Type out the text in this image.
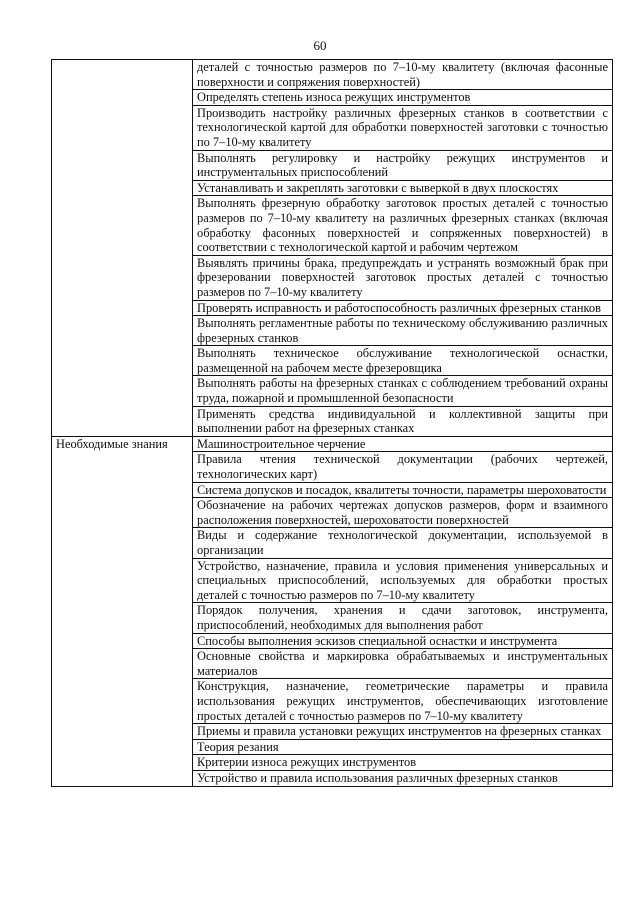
60
	деталей с точностью размеров по 7–10-му квалитету (включая фасонные поверхности и сопряжения поверхностей)
	Определять степень износа режущих инструментов
	Производить настройку различных фрезерных станков в соответствии с технологической картой для обработки поверхностей заготовки с точностью по 7–10-му квалитету
	Выполнять регулировку и настройку режущих инструментов и инструментальных приспособлений
	Устанавливать и закреплять заготовки с выверкой в двух плоскостях
	Выполнять фрезерную обработку заготовок простых деталей с точностью размеров по 7–10-му квалитету на различных фрезерных станках (включая обработку фасонных поверхностей и сопряженных поверхностей) в соответствии с технологической картой и рабочим чертежом
	Выявлять причины брака, предупреждать и устранять возможный брак при фрезеровании поверхностей заготовок простых деталей с точностью размеров по 7–10-му квалитету
	Проверять исправность и работоспособность различных фрезерных станков
	Выполнять регламентные работы по техническому обслуживанию различных фрезерных станков
	Выполнять техническое обслуживание технологической оснастки, размещенной на рабочем месте фрезеровщика
	Выполнять работы на фрезерных станках с соблюдением требований охраны труда, пожарной и промышленной безопасности
	Применять средства индивидуальной и коллективной защиты при выполнении работ на фрезерных станках
Необходимые знания	Машиностроительное черчение
	Правила чтения технической документации (рабочих чертежей, технологических карт)
	Система допусков и посадок, квалитеты точности, параметры шероховатости
	Обозначение на рабочих чертежах допусков размеров, форм и взаимного расположения поверхностей, шероховатости поверхностей
	Виды и содержание технологической документации, используемой в организации
	Устройство, назначение, правила и условия применения универсальных и специальных приспособлений, используемых для обработки простых деталей с точностью размеров по 7–10-му квалитету
	Порядок получения, хранения и сдачи заготовок, инструмента, приспособлений, необходимых для выполнения работ
	Способы выполнения эскизов специальной оснастки и инструмента
	Основные свойства и маркировка обрабатываемых и инструментальных материалов
	Конструкция, назначение, геометрические параметры и правила использования режущих инструментов, обеспечивающих изготовление простых деталей с точностью размеров по 7–10-му квалитету
	Приемы и правила установки режущих инструментов на фрезерных станках
	Теория резания
	Критерии износа режущих инструментов
	Устройство и правила использования различных фрезерных станков
